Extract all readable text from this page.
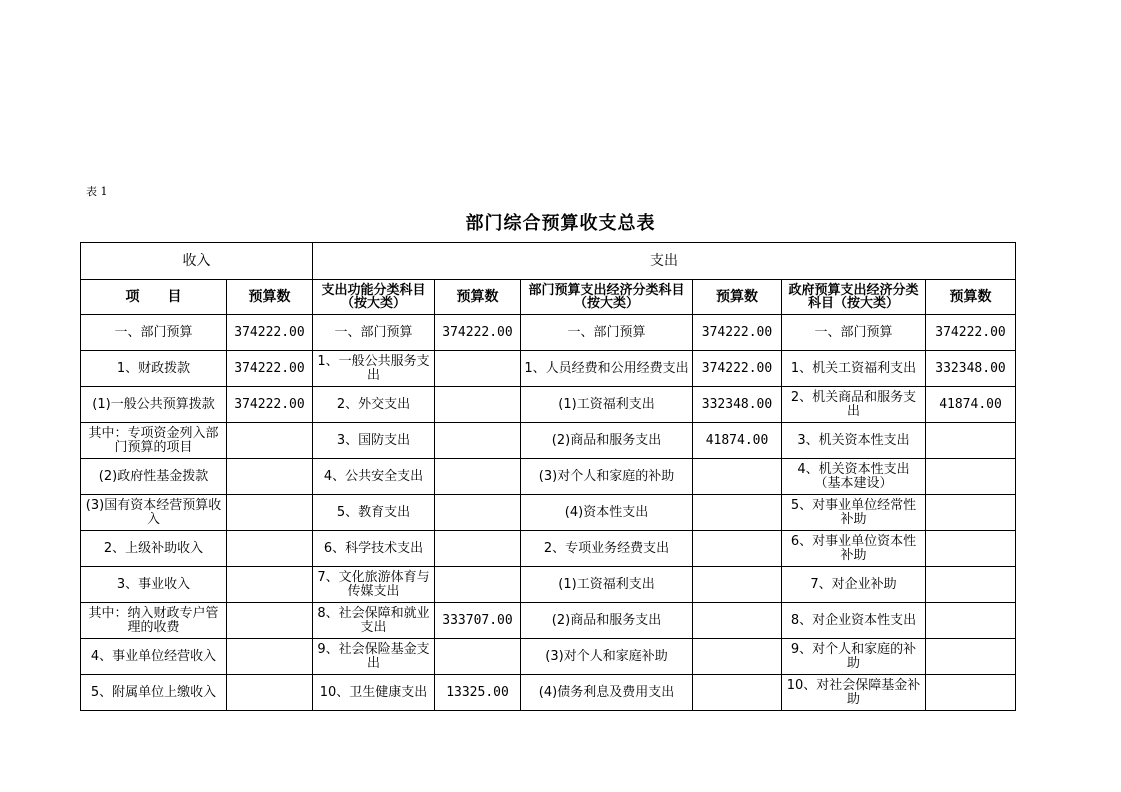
表 1
部门综合预算收支总表
收入		支出					
项　　目	预算数	支出功能分类科目（按大类）	预算数	部门预算支出经济分类科目（按大类）	预算数	政府预算支出经济分类科目（按大类）	预算数
一、部门预算	374222.00	一、部门预算	374222.00	一、部门预算	374222.00	一、部门预算	374222.00
1、财政拨款	374222.00	1、一般公共服务支出		1、人员经费和公用经费支出	374222.00	1、机关工资福利支出	332348.00
(1)一般公共预算拨款	374222.00	2、外交支出		(1)工资福利支出	332348.00	2、机关商品和服务支出	41874.00
其中：专项资金列入部门预算的项目		3、国防支出		(2)商品和服务支出	41874.00	3、机关资本性支出	
(2)政府性基金拨款		4、公共安全支出		(3)对个人和家庭的补助		4、机关资本性支出（基本建设）	
(3)国有资本经营预算收入		5、教育支出		(4)资本性支出		5、对事业单位经常性补助	
2、上级补助收入		6、科学技术支出		2、专项业务经费支出		6、对事业单位资本性补助	
3、事业收入		7、文化旅游体育与传媒支出		(1)工资福利支出		7、对企业补助	
其中：纳入财政专户管理的收费		8、社会保障和就业支出	333707.00	(2)商品和服务支出		8、对企业资本性支出	
4、事业单位经营收入		9、社会保险基金支出		(3)对个人和家庭补助		9、对个人和家庭的补助	
5、附属单位上缴收入		10、卫生健康支出	13325.00	(4)债务利息及费用支出		10、对社会保障基金补助	
